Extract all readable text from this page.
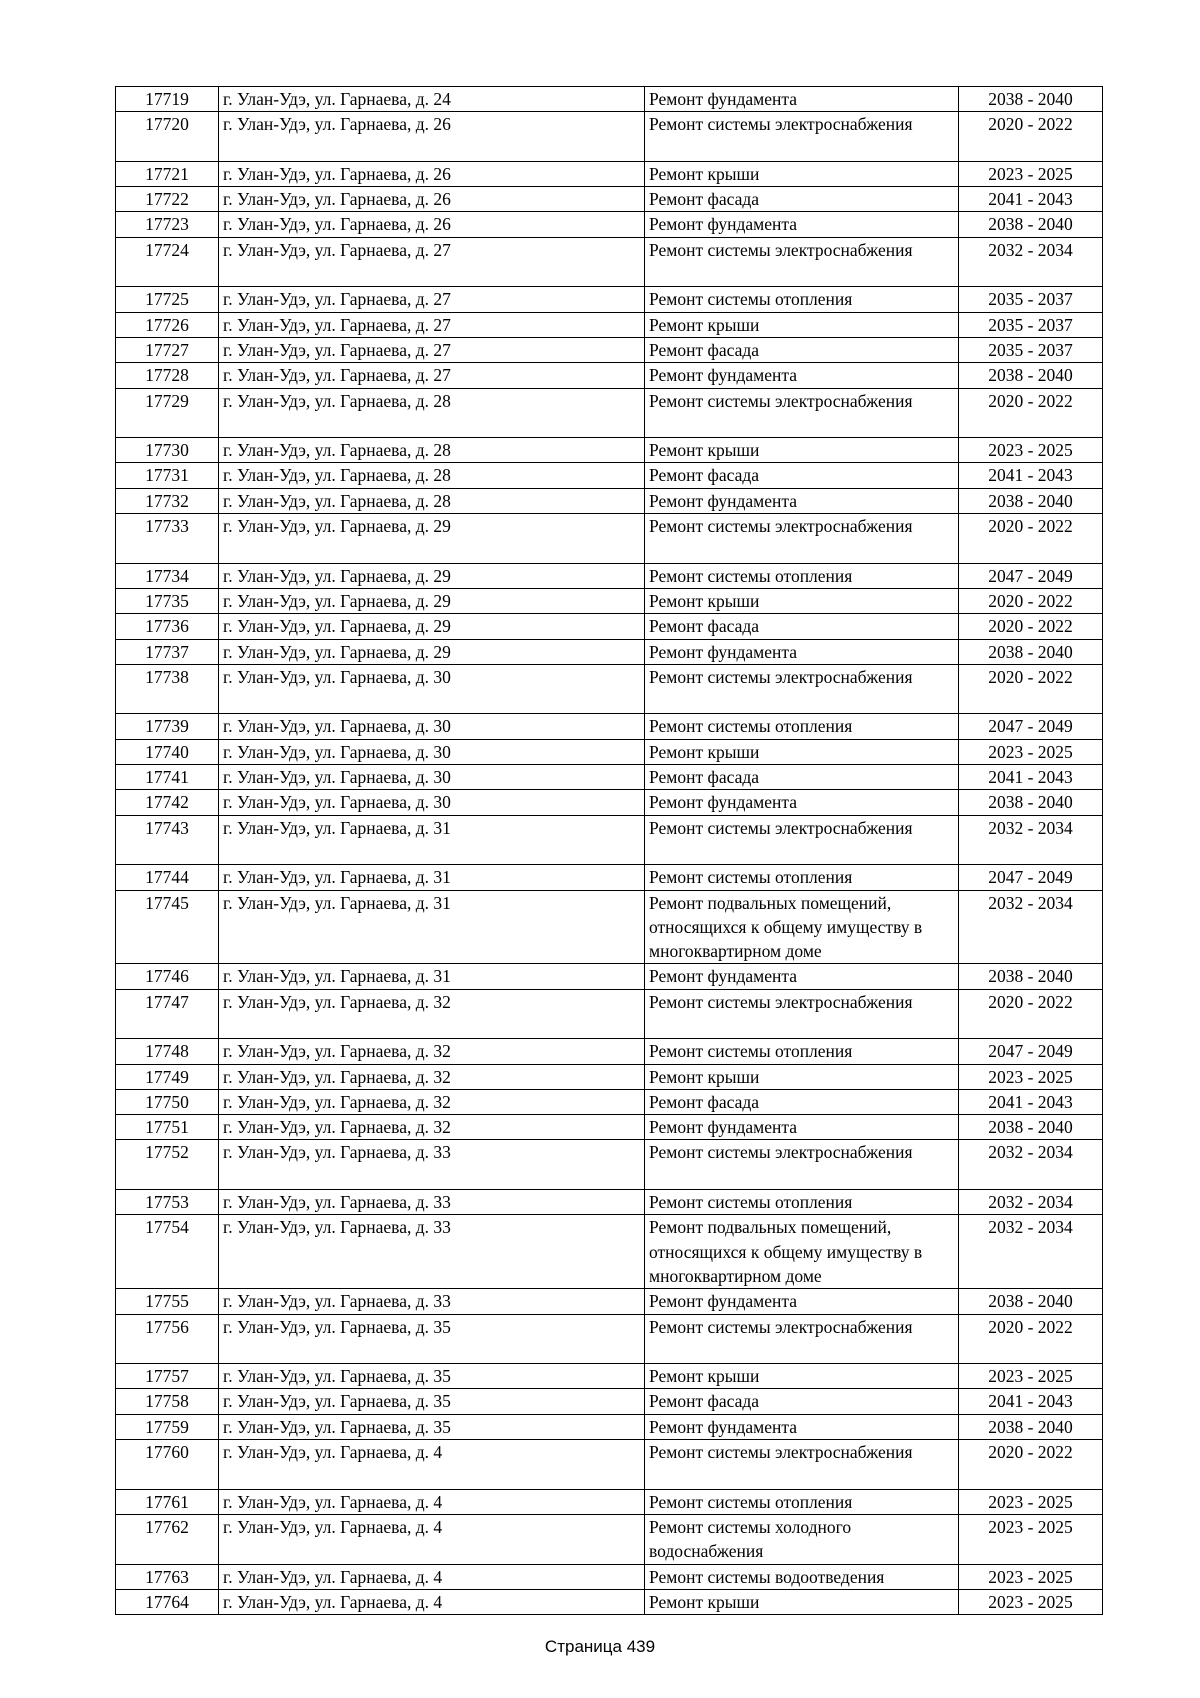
17719	г. Улан-Удэ, ул. Гарнаева, д. 24	Ремонт фундамента	2038 - 2040
17720	г. Улан-Удэ, ул. Гарнаева, д. 26	Ремонт системы электроснабжения	2020 - 2022
17721	г. Улан-Удэ, ул. Гарнаева, д. 26	Ремонт крыши	2023 - 2025
17722	г. Улан-Удэ, ул. Гарнаева, д. 26	Ремонт фасада	2041 - 2043
17723	г. Улан-Удэ, ул. Гарнаева, д. 26	Ремонт фундамента	2038 - 2040
17724	г. Улан-Удэ, ул. Гарнаева, д. 27	Ремонт системы электроснабжения	2032 - 2034
17725	г. Улан-Удэ, ул. Гарнаева, д. 27	Ремонт системы отопления	2035 - 2037
17726	г. Улан-Удэ, ул. Гарнаева, д. 27	Ремонт крыши	2035 - 2037
17727	г. Улан-Удэ, ул. Гарнаева, д. 27	Ремонт фасада	2035 - 2037
17728	г. Улан-Удэ, ул. Гарнаева, д. 27	Ремонт фундамента	2038 - 2040
17729	г. Улан-Удэ, ул. Гарнаева, д. 28	Ремонт системы электроснабжения	2020 - 2022
17730	г. Улан-Удэ, ул. Гарнаева, д. 28	Ремонт крыши	2023 - 2025
17731	г. Улан-Удэ, ул. Гарнаева, д. 28	Ремонт фасада	2041 - 2043
17732	г. Улан-Удэ, ул. Гарнаева, д. 28	Ремонт фундамента	2038 - 2040
17733	г. Улан-Удэ, ул. Гарнаева, д. 29	Ремонт системы электроснабжения	2020 - 2022
17734	г. Улан-Удэ, ул. Гарнаева, д. 29	Ремонт системы отопления	2047 - 2049
17735	г. Улан-Удэ, ул. Гарнаева, д. 29	Ремонт крыши	2020 - 2022
17736	г. Улан-Удэ, ул. Гарнаева, д. 29	Ремонт фасада	2020 - 2022
17737	г. Улан-Удэ, ул. Гарнаева, д. 29	Ремонт фундамента	2038 - 2040
17738	г. Улан-Удэ, ул. Гарнаева, д. 30	Ремонт системы электроснабжения	2020 - 2022
17739	г. Улан-Удэ, ул. Гарнаева, д. 30	Ремонт системы отопления	2047 - 2049
17740	г. Улан-Удэ, ул. Гарнаева, д. 30	Ремонт крыши	2023 - 2025
17741	г. Улан-Удэ, ул. Гарнаева, д. 30	Ремонт фасада	2041 - 2043
17742	г. Улан-Удэ, ул. Гарнаева, д. 30	Ремонт фундамента	2038 - 2040
17743	г. Улан-Удэ, ул. Гарнаева, д. 31	Ремонт системы электроснабжения	2032 - 2034
17744	г. Улан-Удэ, ул. Гарнаева, д. 31	Ремонт системы отопления	2047 - 2049
17745	г. Улан-Удэ, ул. Гарнаева, д. 31	Ремонт подвальных помещений, относящихся к общему имуществу в многоквартирном доме	2032 - 2034
17746	г. Улан-Удэ, ул. Гарнаева, д. 31	Ремонт фундамента	2038 - 2040
17747	г. Улан-Удэ, ул. Гарнаева, д. 32	Ремонт системы электроснабжения	2020 - 2022
17748	г. Улан-Удэ, ул. Гарнаева, д. 32	Ремонт системы отопления	2047 - 2049
17749	г. Улан-Удэ, ул. Гарнаева, д. 32	Ремонт крыши	2023 - 2025
17750	г. Улан-Удэ, ул. Гарнаева, д. 32	Ремонт фасада	2041 - 2043
17751	г. Улан-Удэ, ул. Гарнаева, д. 32	Ремонт фундамента	2038 - 2040
17752	г. Улан-Удэ, ул. Гарнаева, д. 33	Ремонт системы электроснабжения	2032 - 2034
17753	г. Улан-Удэ, ул. Гарнаева, д. 33	Ремонт системы отопления	2032 - 2034
17754	г. Улан-Удэ, ул. Гарнаева, д. 33	Ремонт подвальных помещений, относящихся к общему имуществу в многоквартирном доме	2032 - 2034
17755	г. Улан-Удэ, ул. Гарнаева, д. 33	Ремонт фундамента	2038 - 2040
17756	г. Улан-Удэ, ул. Гарнаева, д. 35	Ремонт системы электроснабжения	2020 - 2022
17757	г. Улан-Удэ, ул. Гарнаева, д. 35	Ремонт крыши	2023 - 2025
17758	г. Улан-Удэ, ул. Гарнаева, д. 35	Ремонт фасада	2041 - 2043
17759	г. Улан-Удэ, ул. Гарнаева, д. 35	Ремонт фундамента	2038 - 2040
17760	г. Улан-Удэ, ул. Гарнаева, д. 4	Ремонт системы электроснабжения	2020 - 2022
17761	г. Улан-Удэ, ул. Гарнаева, д. 4	Ремонт системы отопления	2023 - 2025
17762	г. Улан-Удэ, ул. Гарнаева, д. 4	Ремонт системы холодного водоснабжения	2023 - 2025
17763	г. Улан-Удэ, ул. Гарнаева, д. 4	Ремонт системы водоотведения	2023 - 2025
17764	г. Улан-Удэ, ул. Гарнаева, д. 4	Ремонт крыши	2023 - 2025
Страница 439
